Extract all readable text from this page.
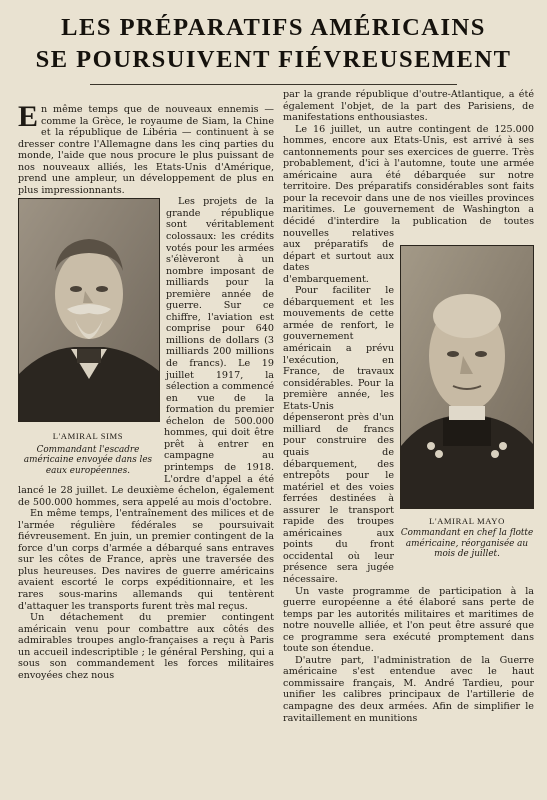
LES PRÉPARATIFS AMÉRICAINS
SE POURSUIVENT FIÉVREUSEMENT

En même temps que de nouveaux ennemis — comme la Grèce, le royaume de Siam, la Chine et la république de Libéria — continuent à se dresser contre l'Allemagne dans les cinq parties du monde, l'aide que nous procure le plus puissant de nos nouveaux alliés, les Etats-Unis d'Amérique, prend une ampleur, un développement de plus en plus impressionnants.

L'AMIRAL SIMS
Commandant l'escadre américaine envoyée dans les eaux européennes.

Les projets de la grande république sont véritablement colossaux: les crédits votés pour les armées s'élèveront à un nombre imposant de milliards pour la première année de guerre. Sur ce chiffre, l'aviation est comprise pour 640 millions de dollars (3 milliards 200 millions de francs). Le 19 juillet 1917, la sélection a commencé en vue de la formation du premier échelon de 500.000 hommes, qui doit être prêt à entrer en campagne au printemps de 1918. L'ordre d'appel a été lancé le 28 juillet. Le deuxième échelon, également de 500.000 hommes, sera appelé au mois d'octobre.

En même temps, l'entraînement des milices et de l'armée régulière fédérales se poursuivait fiévreusement. En juin, un premier contingent de la force d'un corps d'armée a débarqué sans entraves sur les côtes de France, après une traversée des plus heureuses. Des navires de guerre américains avaient escorté le corps expéditionnaire, et les rares sous-marins allemands qui tentèrent d'attaquer les transports furent très mal reçus.

Un détachement du premier contingent américain venu pour combattre aux côtés des admirables troupes anglo-françaises a reçu à Paris un accueil indescriptible ; le général Pershing, qui a sous son commandement les forces militaires envoyées chez nous

par la grande république d'outre-Atlantique, a été également l'objet, de la part des Parisiens, de manifestations enthousiastes.

Le 16 juillet, un autre contingent de 125.000 hommes, encore aux Etats-Unis, est arrivé à ses cantonnements pour ses exercices de guerre. Très probablement, d'ici à l'automne, toute une armée américaine aura été débarquée sur notre territoire. Des préparatifs considérables sont faits pour la recevoir dans une de nos vieilles provinces maritimes. Le gouvernement de Washington a décidé d'interdire la publication de toutes nouvelles relatives aux préparatifs de départ et surtout aux dates d'embarquement.

Pour faciliter le débarquement et les mouvements de cette armée de renfort, le gouvernement américain a prévu l'exécution, en France, de travaux considérables. Pour la première année, les Etats-Unis dépenseront près d'un milliard de francs pour construire des quais de débarquement, des entrepôts pour le matériel et des voies ferrées destinées à assurer le transport rapide des troupes américaines aux points du front occidental où leur présence sera jugée nécessaire.

Un vaste programme de participation à la guerre européenne a été élaboré sans perte de temps par les autorités militaires et maritimes de notre nouvelle alliée, et l'on peut être assuré que ce programme sera exécuté promptement dans toute son étendue.

D'autre part, l'administration de la Guerre américaine s'est entendue avec le haut commissaire français, M. André Tardieu, pour unifier les calibres principaux de l'artillerie de campagne des deux armées. Afin de simplifier le ravitaillement en munitions

L'AMIRAL MAYO
Commandant en chef la flotte américaine, réorganisée au mois de juillet.
